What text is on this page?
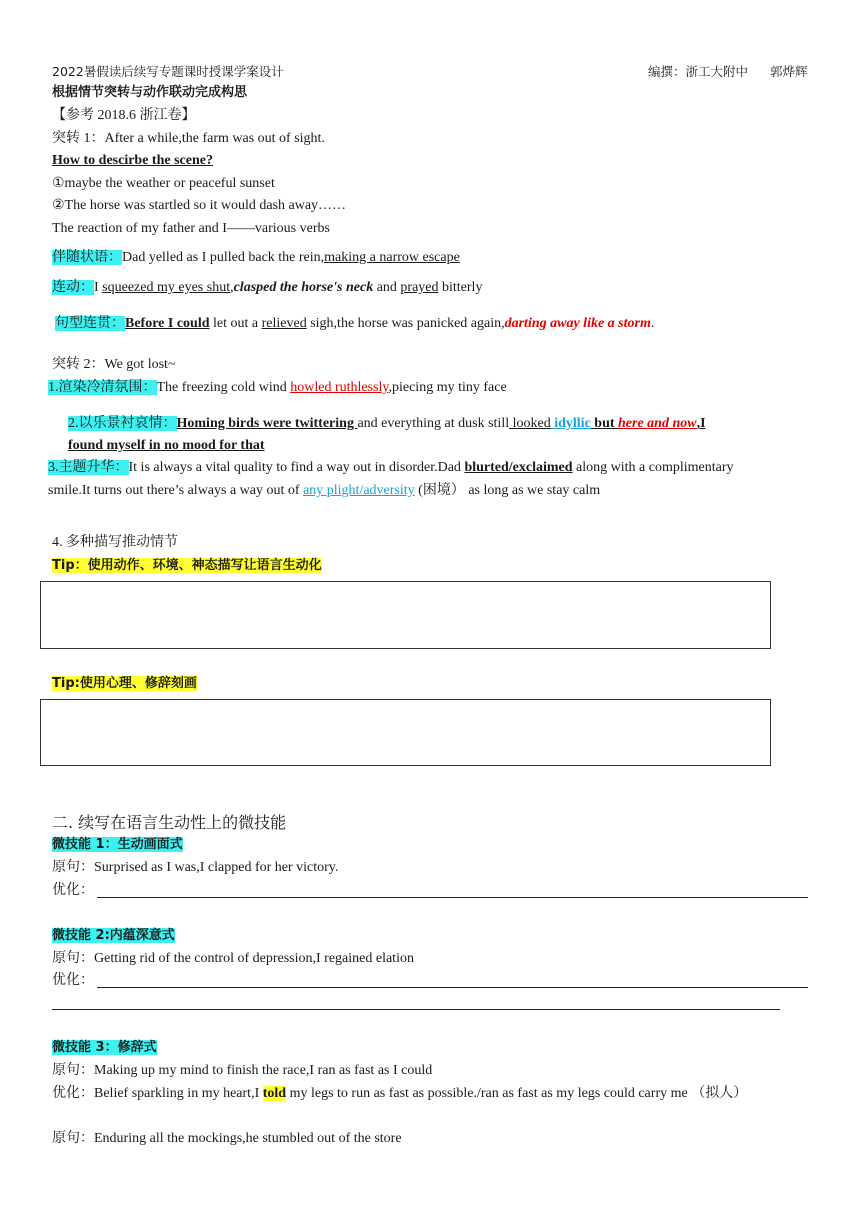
2022暑假读后续写专题课时授课学案设计	编撰：浙工大附中 郭烨辉
根据情节突转与动作联动完成构思
【参考 2018.6 浙江卷】
突转 1：After a while,the farm was out of sight.
How to descirbe the scene?
①maybe the weather or peaceful sunset
②The horse was startled so it would dash away……
The reaction of my father and I——various verbs
伴随状语：Dad yelled as I pulled back the rein,making a narrow escape
连动：I squeezed my eyes shut,clasped the horse's neck and prayed bitterly
句型连贯：Before I could let out a relieved sigh,the horse was panicked again,darting away like a storm.
突转 2：We got lost~
1.渲染冷清氛围：The freezing cold wind howled ruthlessly,piecing my tiny face
2.以乐景衬哀情：Homing birds were twittering and everything at dusk still looked idyllic but here and now,I
found myself in no mood for that
3.主题升华：It is always a vital quality to find a way out in disorder.Dad blurted/exclaimed along with a complimentary
smile.It turns out there’s always a way out of any plight/adversity (困境） as long as we stay calm
4. 多种描写推动情节
Tip：使用动作、环境、神态描写让语言生动化
Tip:使用心理、修辞刻画
二. 续写在语言生动性上的微技能
微技能 1：生动画面式
原句：Surprised as I was,I clapped for her victory.
优化：
微技能 2:内蕴深意式
原句：Getting rid of the control of depression,I regained elation
优化：
微技能 3：修辞式
原句：Making up my mind to finish the race,I ran as fast as I could
优化：Belief sparkling in my heart,I told my legs to run as fast as possible./ran as fast as my legs could carry me （拟人）
原句：Enduring all the mockings,he stumbled out of the store
